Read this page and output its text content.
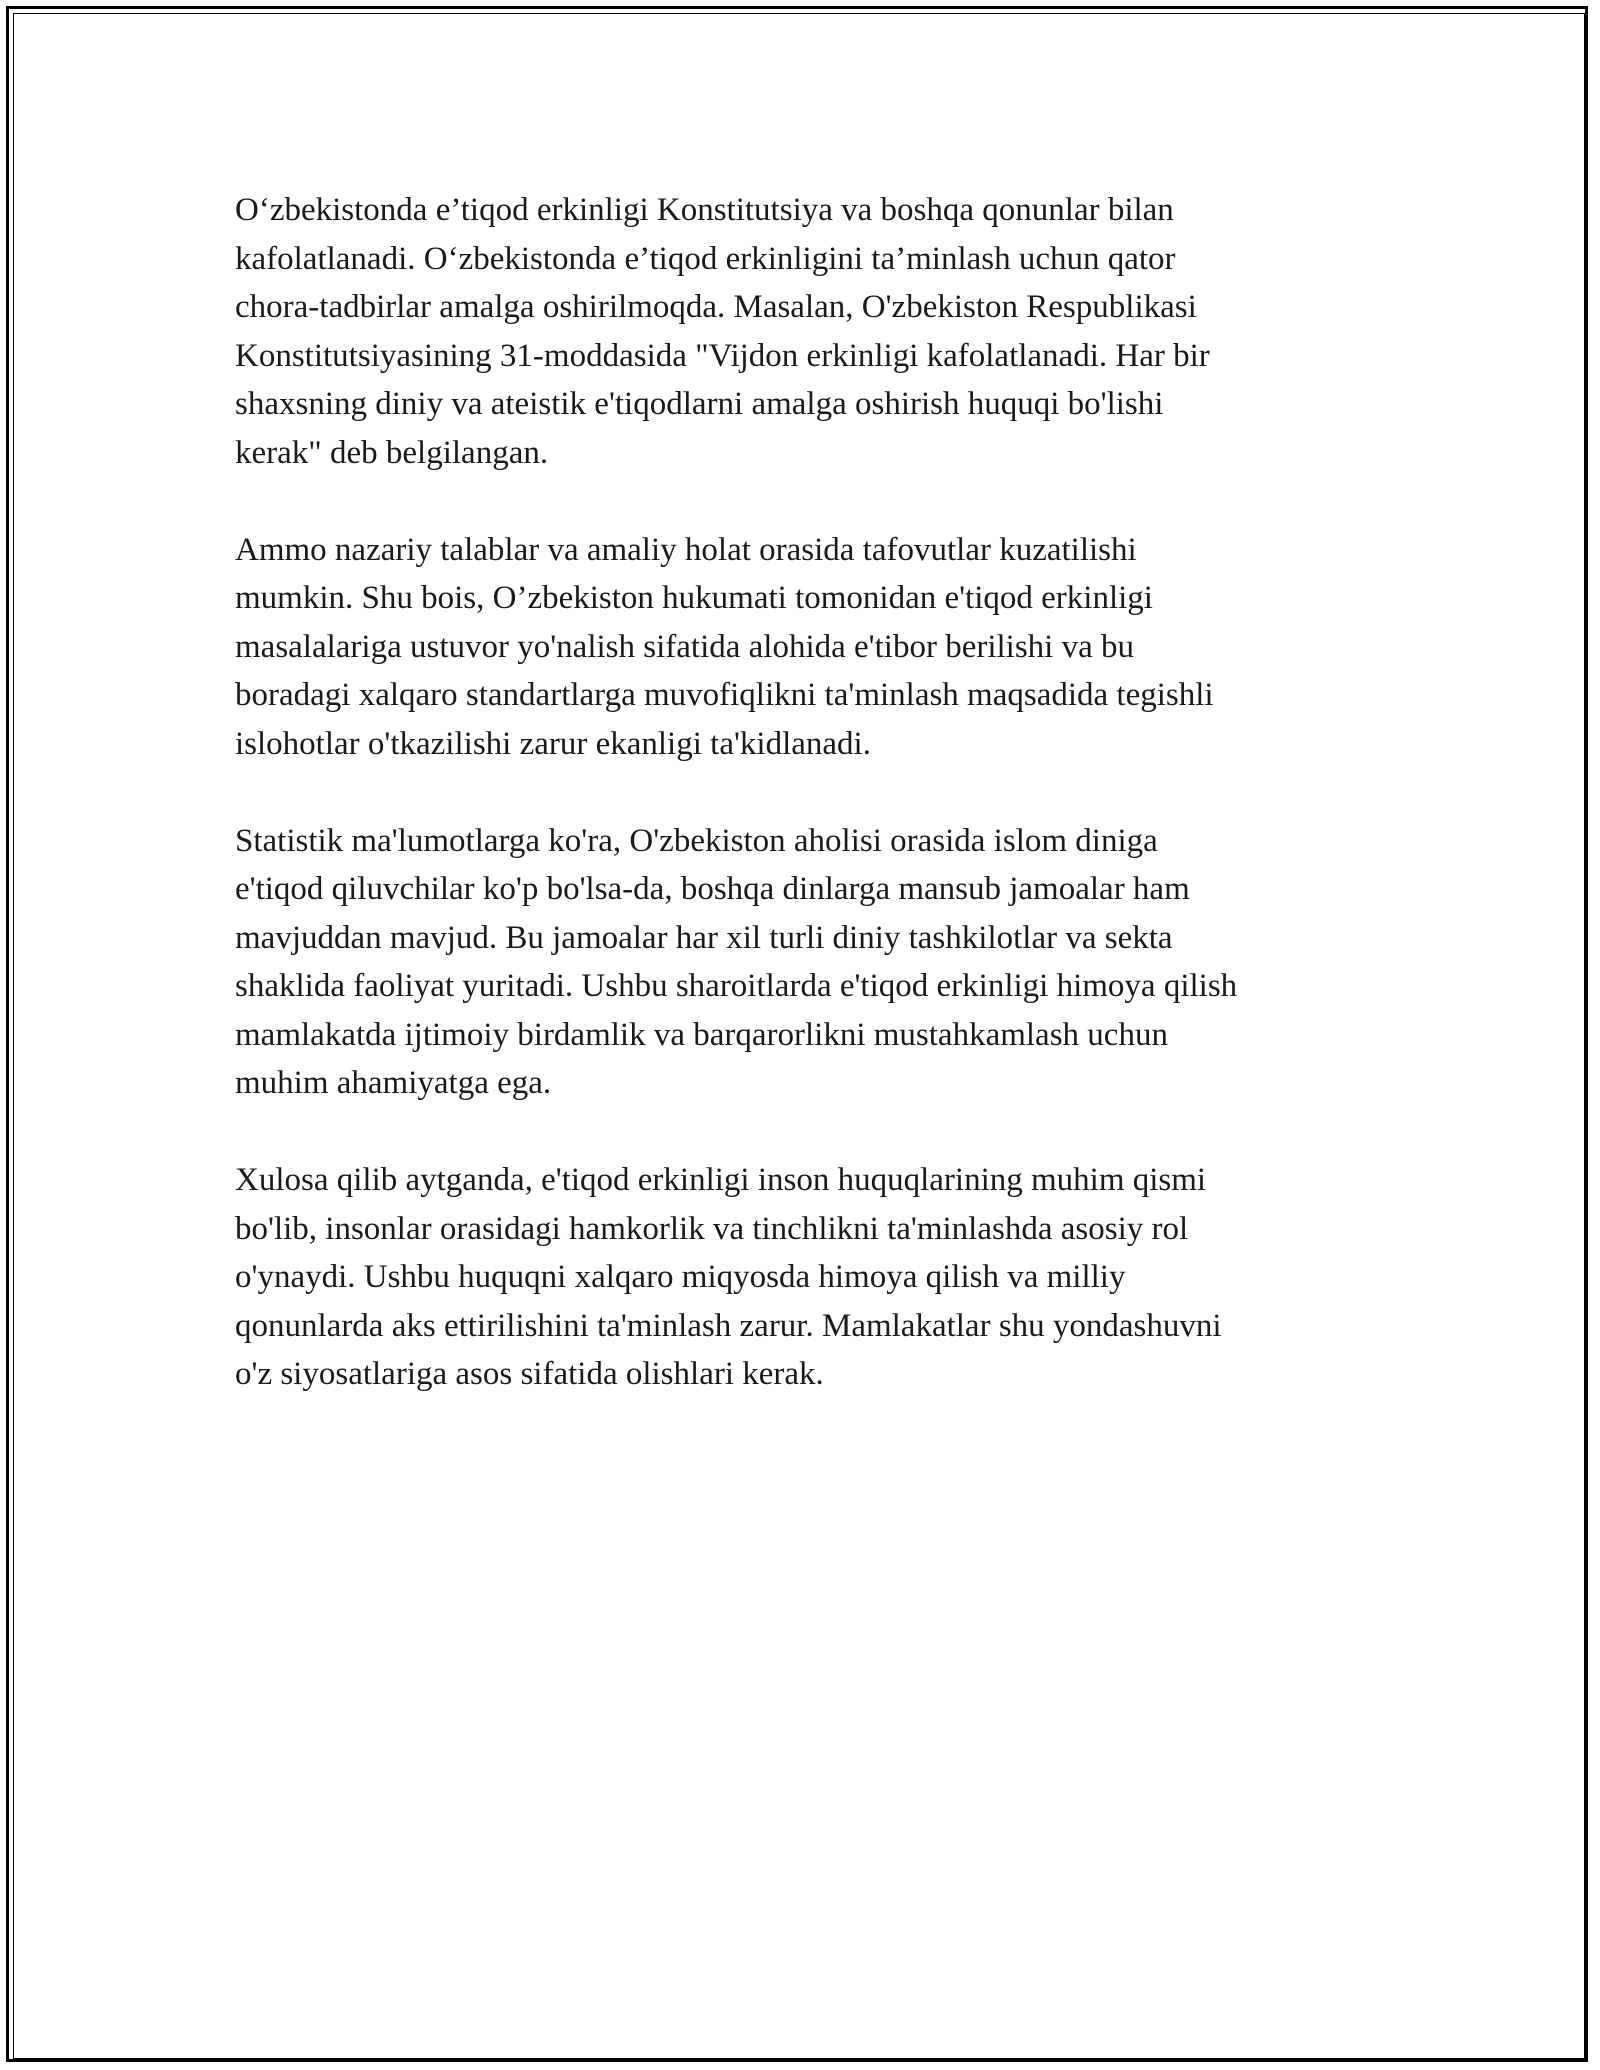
O‘zbekistonda e’tiqod erkinligi Konstitutsiya va boshqa qonunlar bilan
kafolatlanadi. O‘zbekistonda e’tiqod erkinligini ta’minlash uchun qator
chora-tadbirlar amalga oshirilmoqda. Masalan, O'zbekiston Respublikasi
Konstitutsiyasining 31-moddasida "Vijdon erkinligi kafolatlanadi. Har bir
shaxsning diniy va ateistik e'tiqodlarni amalga oshirish huquqi bo'lishi
kerak" deb belgilangan.

Ammo nazariy talablar va amaliy holat orasida tafovutlar kuzatilishi
mumkin. Shu bois, O’zbekiston hukumati tomonidan e'tiqod erkinligi
masalalariga ustuvor yo'nalish sifatida alohida e'tibor berilishi va bu
boradagi xalqaro standartlarga muvofiqlikni ta'minlash maqsadida tegishli
islohotlar o'tkazilishi zarur ekanligi ta'kidlanadi.

Statistik ma'lumotlarga ko'ra, O'zbekiston aholisi orasida islom diniga
e'tiqod qiluvchilar ko'p bo'lsa-da, boshqa dinlarga mansub jamoalar ham
mavjuddan mavjud. Bu jamoalar har xil turli diniy tashkilotlar va sekta
shaklida faoliyat yuritadi. Ushbu sharoitlarda e'tiqod erkinligi himoya qilish
mamlakatda ijtimoiy birdamlik va barqarorlikni mustahkamlash uchun
muhim ahamiyatga ega.

Xulosa qilib aytganda, e'tiqod erkinligi inson huquqlarining muhim qismi
bo'lib, insonlar orasidagi hamkorlik va tinchlikni ta'minlashda asosiy rol
o'ynaydi. Ushbu huquqni xalqaro miqyosda himoya qilish va milliy
qonunlarda aks ettirilishini ta'minlash zarur. Mamlakatlar shu yondashuvni
o'z siyosatlariga asos sifatida olishlari kerak.
